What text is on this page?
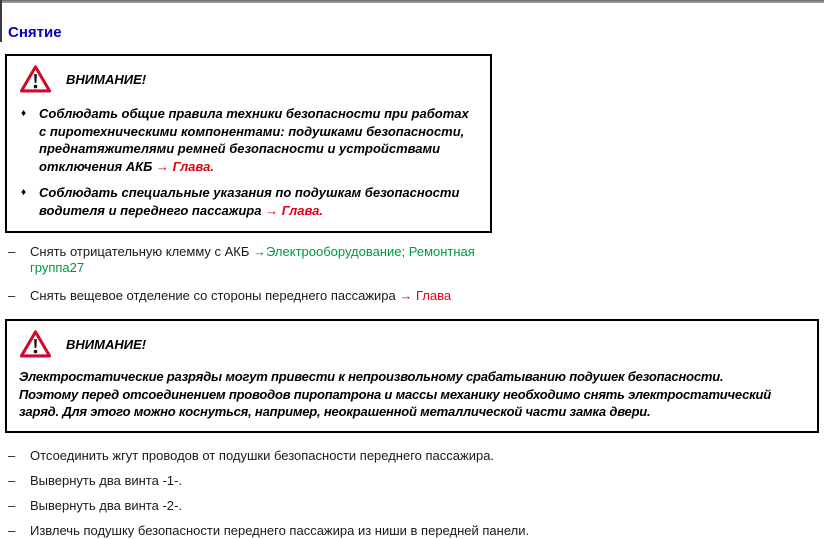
Снятие
ВНИМАНИЕ!
♦ Соблюдать общие правила техники безопасности при работах с пиротехническими компонентами: подушками безопасности, преднатяжителями ремней безопасности и устройствами отключения АКБ → Глава.
♦ Соблюдать специальные указания по подушкам безопасности водителя и переднего пассажира → Глава.
–	Снять отрицательную клемму с АКБ →Электрооборудование; Ремонтная группа27
–	Снять вещевое отделение со стороны переднего пассажира → Глава
ВНИМАНИЕ!
Электростатические разряды могут привести к непроизвольному срабатыванию подушек безопасности.
Поэтому перед отсоединением проводов пиропатрона и массы механику необходимо снять электростатический
заряд. Для этого можно коснуться, например, неокрашенной металлической части замка двери.
–	Отсоединить жгут проводов от подушки безопасности переднего пассажира.
–	Вывернуть два винта -1-.
–	Вывернуть два винта -2-.
–	Извлечь подушку безопасности переднего пассажира из ниши в передней панели.
